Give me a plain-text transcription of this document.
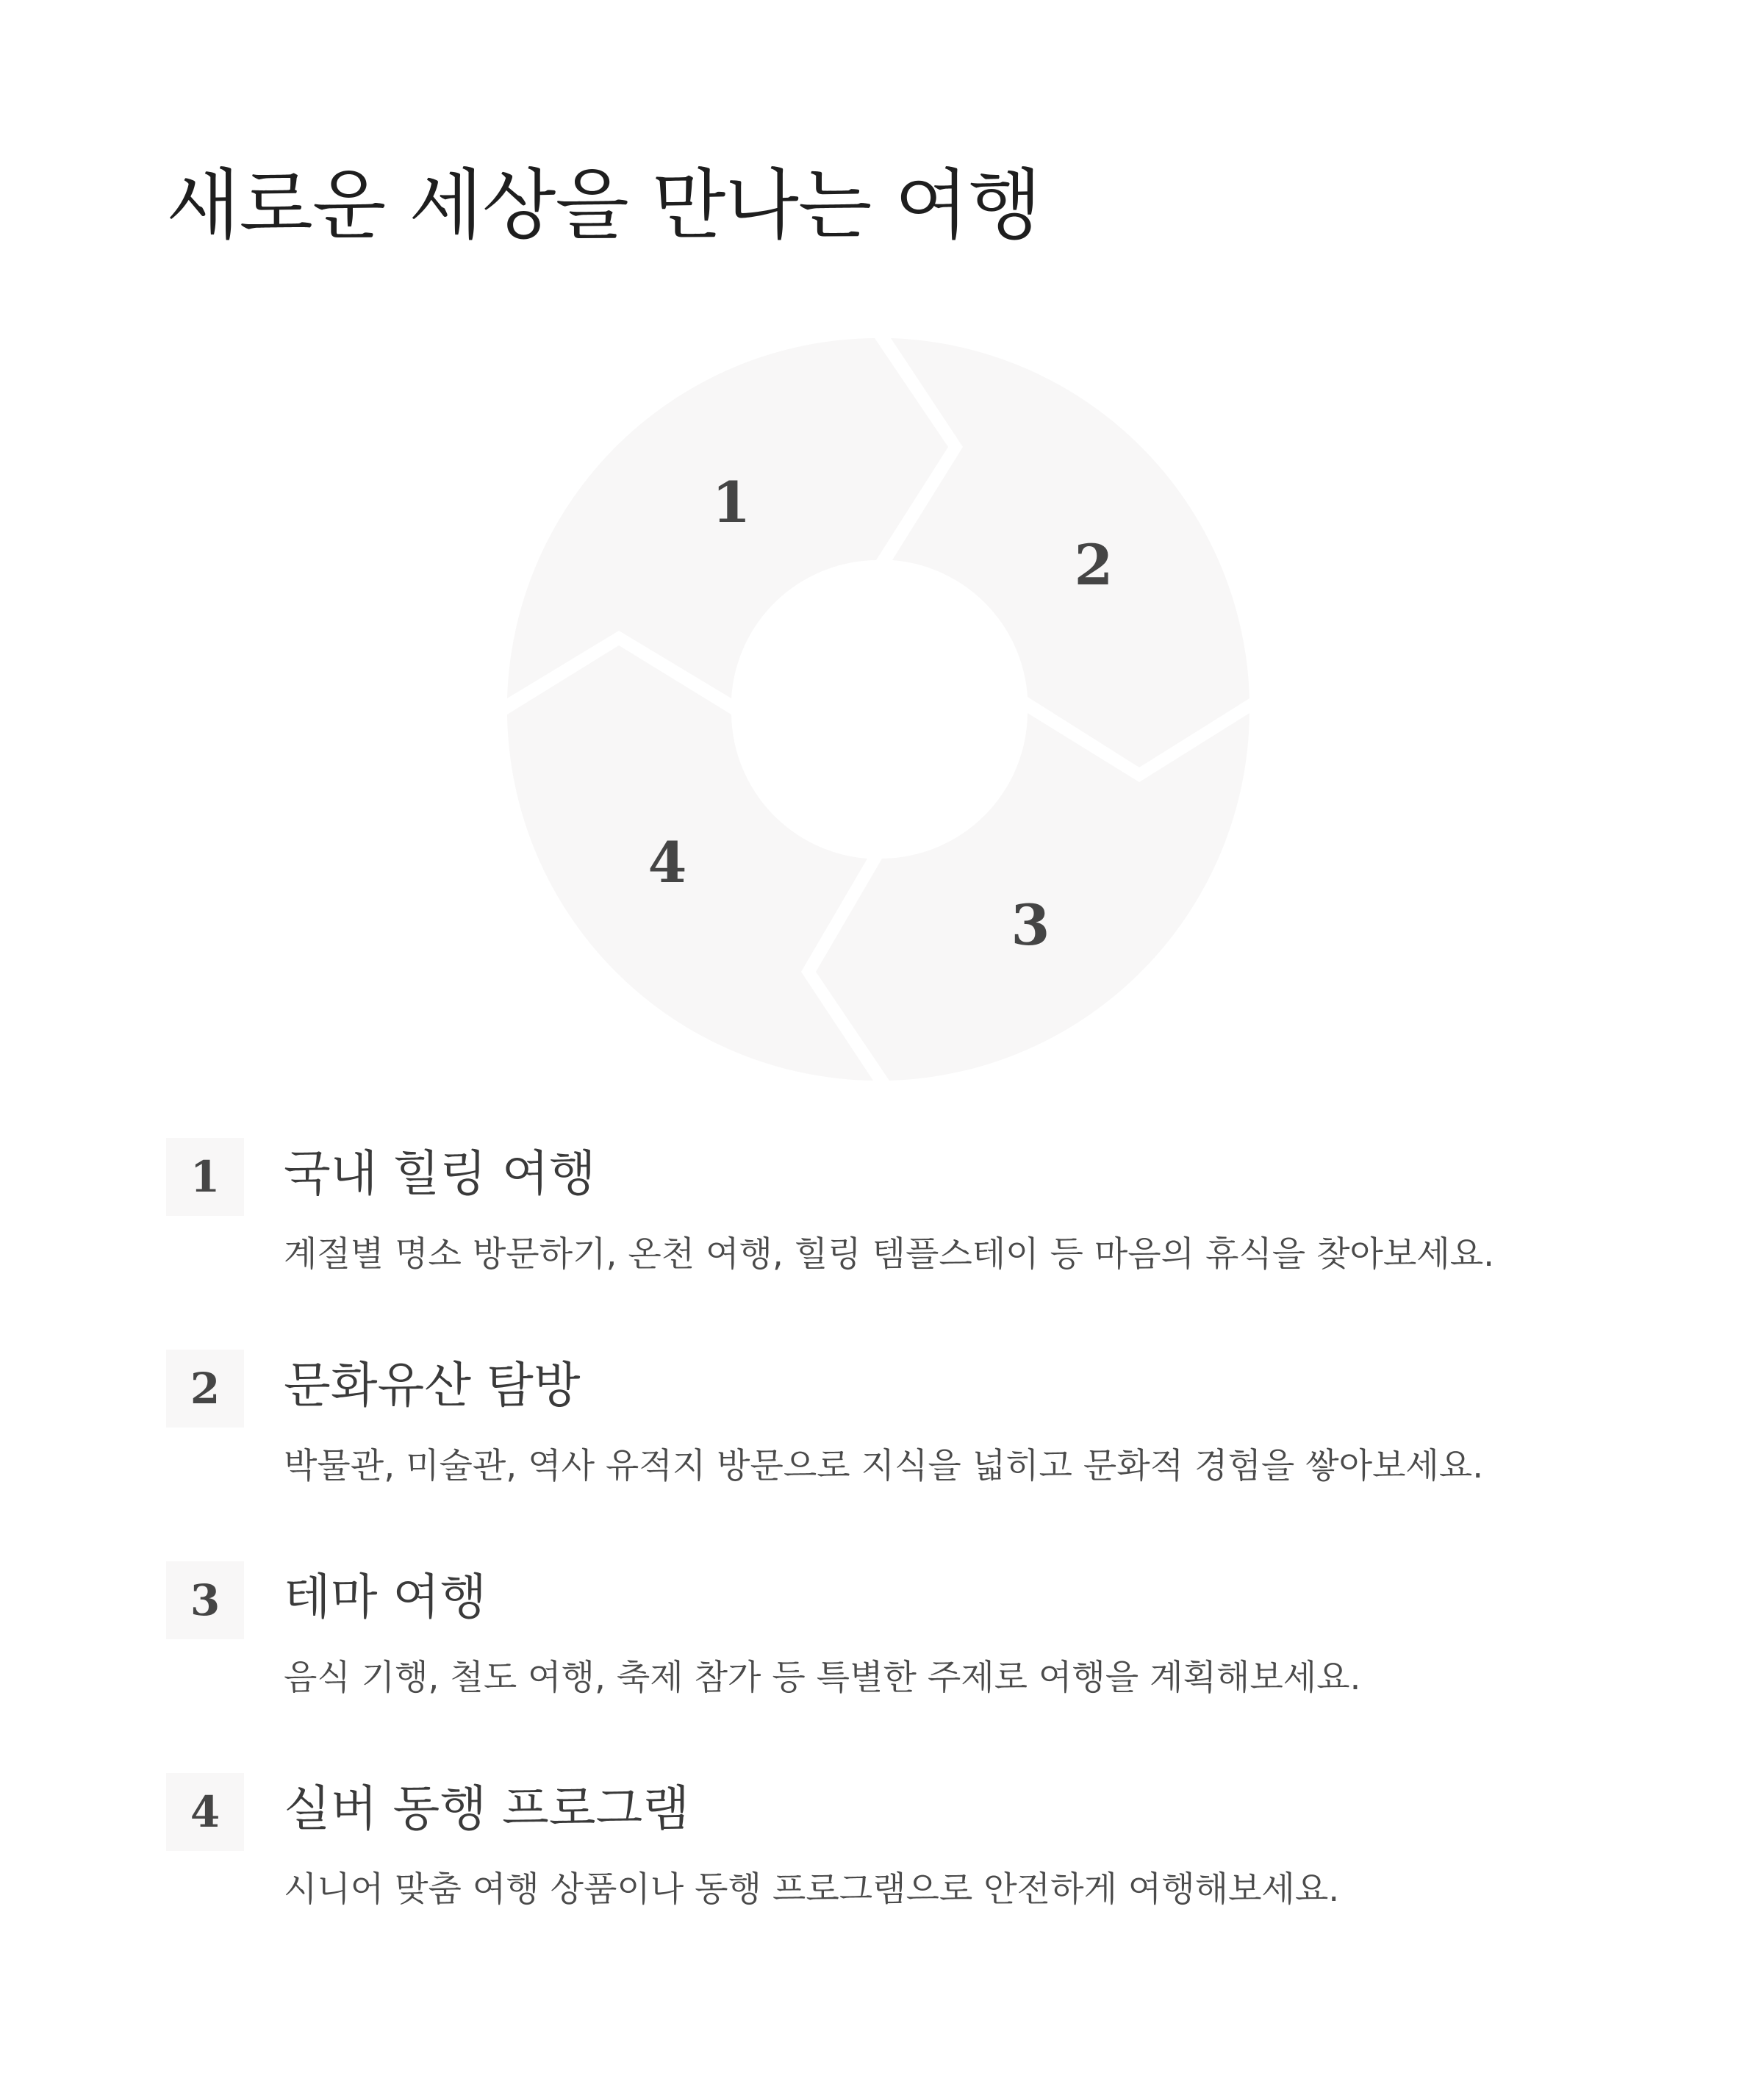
새로운 세상을 만나는 여행
1
2
3
4
1	국내 힐링 여행
계절별 명소 방문하기, 온천 여행, 힐링 템플스테이 등 마음의 휴식을 찾아보세요.
2	문화유산 탐방
박물관, 미술관, 역사 유적지 방문으로 지식을 넓히고 문화적 경험을 쌓아보세요.
3	테마 여행
음식 기행, 철도 여행, 축제 참가 등 특별한 주제로 여행을 계획해보세요.
4	실버 동행 프로그램
시니어 맞춤 여행 상품이나 동행 프로그램으로 안전하게 여행해보세요.
